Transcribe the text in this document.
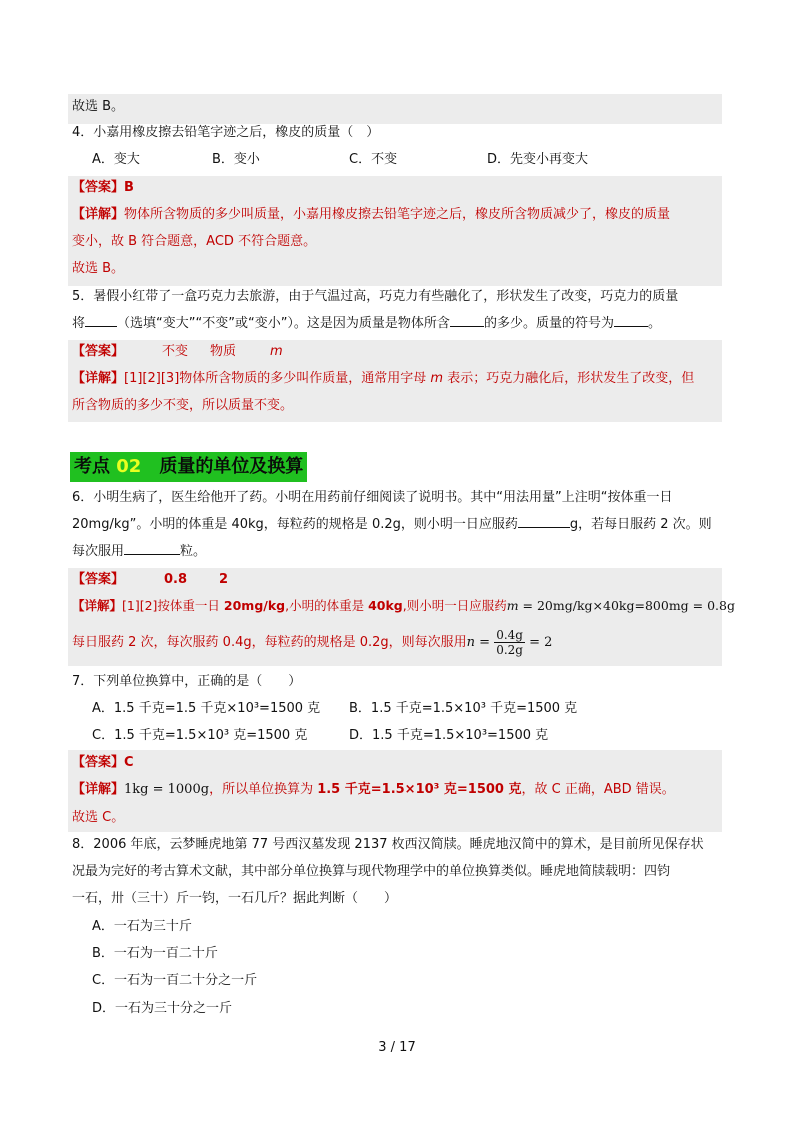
故选 B。
4．小嘉用橡皮擦去铅笔字迹之后，橡皮的质量（　）
A．变大	B．变小	C．不变	D．先变小再变大
【答案】B
【详解】物体所含物质的多少叫质量，小嘉用橡皮擦去铅笔字迹之后，橡皮所含物质减少了，橡皮的质量
变小，故 B 符合题意，ACD 不符合题意。
故选 B。
5．暑假小红带了一盒巧克力去旅游，由于气温过高，巧克力有些融化了，形状发生了改变，巧克力的质量
将 （选填“变大”“不变”或“变小”）。这是因为质量是物体所含	的多少。质量的符号为	。
【答案】	不变 物质	m
【详解】[1][2][3]物体所含物质的多少叫作质量，通常用字母 m 表示；巧克力融化后，形状发生了改变，但
所含物质的多少不变，所以质量不变。
考点 02　质量的单位及换算
6．小明生病了，医生给他开了药。小明在用药前仔细阅读了说明书。其中“用法用量”上注明“按体重一日
20mg/kg”。小明的体重是 40kg，每粒药的规格是 0.2g，则小明一日应服药	g，若每日服药 2 次。则
每次服用	粒。
【答案】	0.8 2
【详解】[1][2]按体重一日 20mg/kg,小明的体重是 40kg,则小明一日应服药m = 20mg/kg×40kg=800mg = 0.8g
每日服药 2 次，每次服药 0.4g，每粒药的规格是 0.2g，则每次服用$n = \frac{0.4g}{0.2g} = 2$
7．下列单位换算中，正确的是（　　）
A．1.5 千克=1.5 千克×10³=1500 克 B．1.5 千克=1.5×10³ 千克=1500 克
C．1.5 千克=1.5×10³ 克=1500 克	D．1.5 千克=1.5×10³=1500 克
【答案】C
【详解】1kg = 1000g，所以单位换算为 1.5 千克=1.5×10³ 克=1500 克，故 C 正确，ABD 错误。
故选 C。
8．2006 年底，云梦睡虎地第 77 号西汉墓发现 2137 枚西汉简牍。睡虎地汉简中的算术，是目前所见保存状
况最为完好的考古算术文献，其中部分单位换算与现代物理学中的单位换算类似。睡虎地简牍载明：四钧
一石，卅（三十）斤一钧，一石几斤？据此判断（　　）
A．一石为三十斤
B．一石为一百二十斤
C．一石为一百二十分之一斤
D．一石为三十分之一斤
3 / 17
